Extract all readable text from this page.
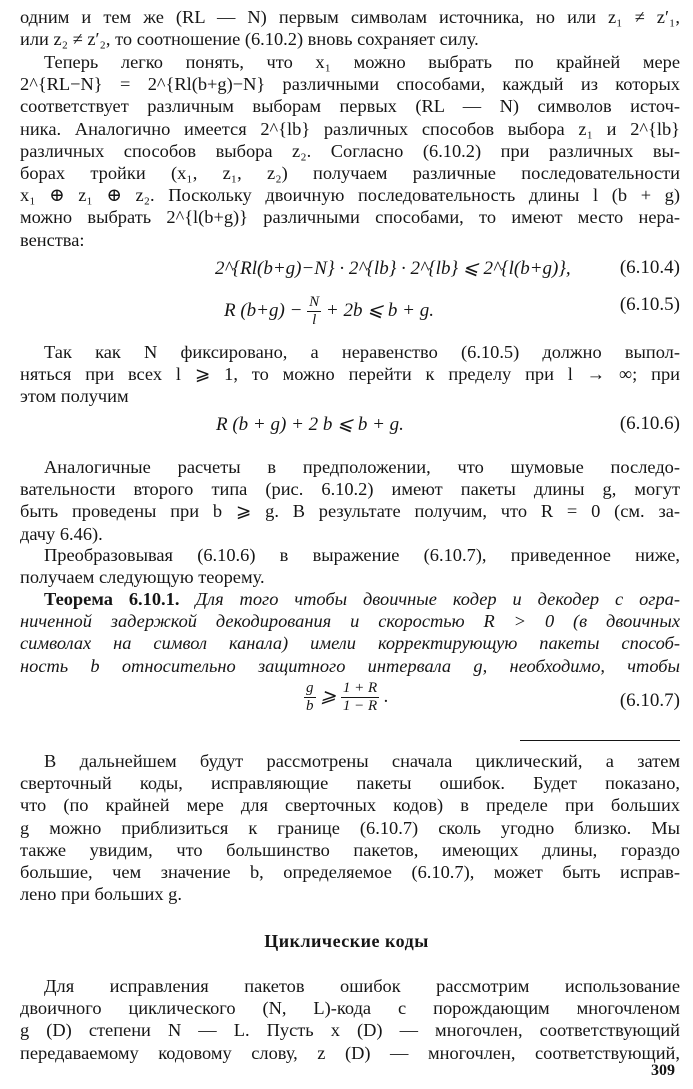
одним и тем же (RL — N) первым символам источника, но или z₁ ≠ z′₁,
или z₂ ≠ z′₂, то соотношение (6.10.2) вновь сохраняет силу.
Теперь легко понять, что x₁ можно выбрать по крайней мере
2^{RL−N} = 2^{Rl(b+g)−N} различными способами, каждый из которых
соответствует различным выборам первых (RL — N) символов источ-
ника. Аналогично имеется 2^{lb} различных способов выбора z₁ и 2^{lb}
различных способов выбора z₂. Согласно (6.10.2) при различных вы-
борах тройки (x₁, z₁, z₂) получаем различные последовательности
x₁ ⊕ z₁ ⊕ z₂. Поскольку двоичную последовательность длины l (b + g)
можно выбрать 2^{l(b+g)} различными способами, то имеют место нера-
венства:
2^{Rl(b+g)−N} · 2^{lb} · 2^{lb} ⩽ 2^{l(b+g)},	(6.10.4)
R $(b+g) - \frac{N}{l} + 2b$ ⩽ b + g.	(6.10.5)
Так как N фиксировано, а неравенство (6.10.5) должно выпол-
няться при всех l ⩾ 1, то можно перейти к пределу при l → ∞; при
этом получим
R (b + g) + 2 b ⩽ b + g.	(6.10.6)
Аналогичные расчеты в предположении, что шумовые последо-
вательности второго типа (рис. 6.10.2) имеют пакеты длины g, могут
быть проведены при b ⩾ g. В результате получим, что R = 0 (см. за-
дачу 6.46).
Преобразовывая (6.10.6) в выражение (6.10.7), приведенное ниже,
получаем следующую теорему.
Теорема 6.10.1. Для того чтобы двоичные кодер и декодер с огра-
ниченной задержкой декодирования и скоростью R > 0 (в двоичных
символах на символ канала) имели корректирующую пакеты способ-
ность b относительно защитного интервала g, необходимо, чтобы
$\frac{g}{b}$ ⩾ $\frac{1 + R}{1 - R}$ .	(6.10.7)
В дальнейшем будут рассмотрены сначала циклический, а затем
сверточный коды, исправляющие пакеты ошибок. Будет показано,
что (по крайней мере для сверточных кодов) в пределе при больших
g можно приблизиться к границе (6.10.7) сколь угодно близко. Мы
также увидим, что большинство пакетов, имеющих длины, гораздо
большие, чем значение b, определяемое (6.10.7), может быть исправ-
лено при больших g.
Циклические коды
Для исправления пакетов ошибок рассмотрим использование
двоичного циклического (N, L)-кода с порождающим многочленом
g (D) степени N — L. Пусть x (D) — многочлен, соответствующий
передаваемому кодовому слову, z (D) — многочлен, соответствующий,
309
